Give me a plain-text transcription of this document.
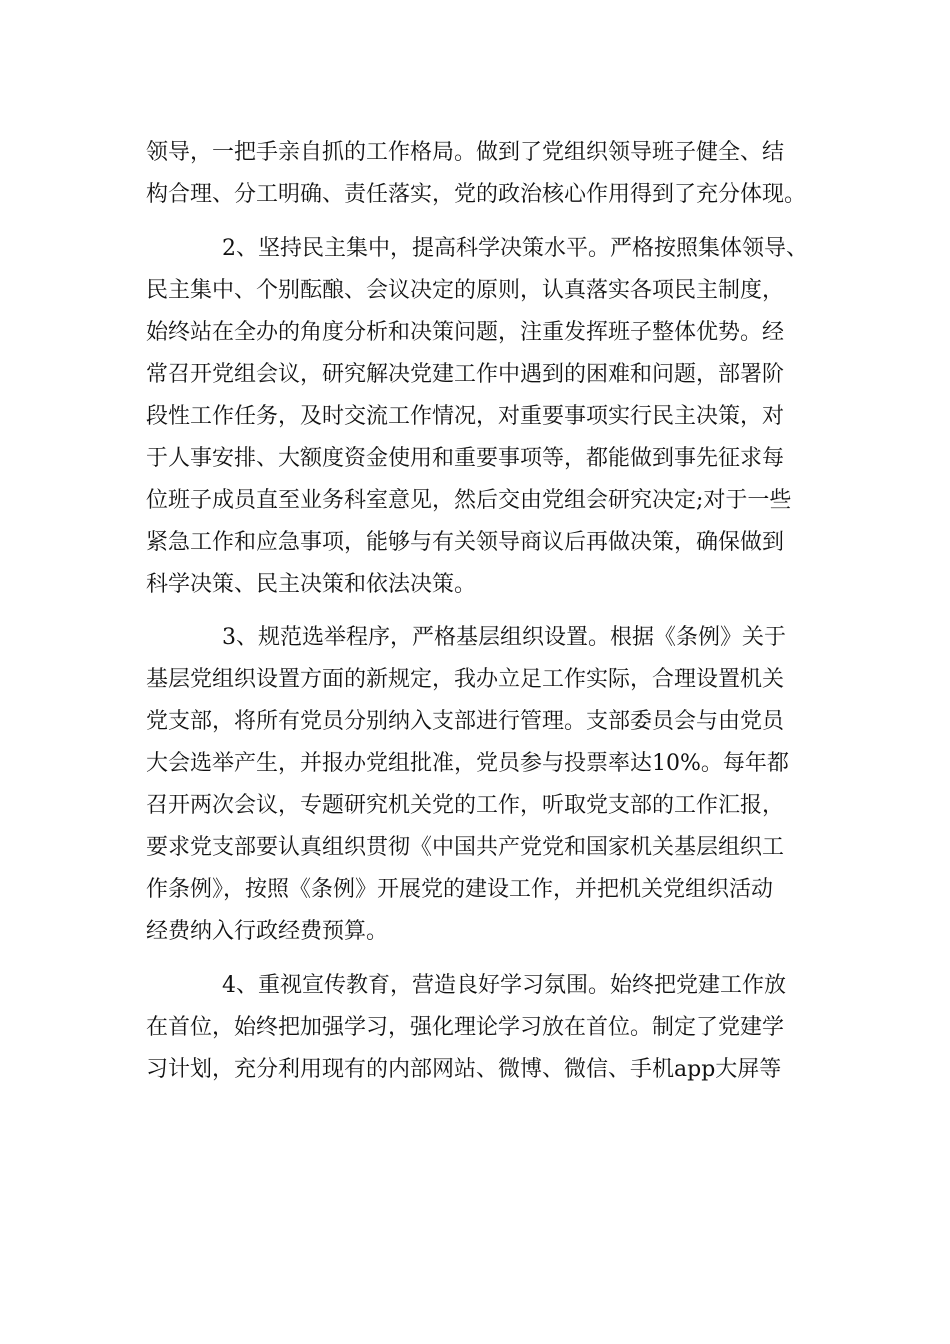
领导，一把手亲自抓的工作格局。做到了党组织领导班子健全、结
构合理、分工明确、责任落实，党的政治核心作用得到了充分体现。
2、坚持民主集中，提高科学决策水平。严格按照集体领导、
民主集中、个别酝酿、会议决定的原则，认真落实各项民主制度，
始终站在全办的角度分析和决策问题，注重发挥班子整体优势。经
常召开党组会议，研究解决党建工作中遇到的困难和问题，部署阶
段性工作任务，及时交流工作情况，对重要事项实行民主决策，对
于人事安排、大额度资金使用和重要事项等，都能做到事先征求每
位班子成员直至业务科室意见，然后交由党组会研究决定;对于一些
紧急工作和应急事项，能够与有关领导商议后再做决策，确保做到
科学决策、民主决策和依法决策。
3、规范选举程序，严格基层组织设置。根据《条例》关于
基层党组织设置方面的新规定，我办立足工作实际，合理设置机关
党支部，将所有党员分别纳入支部进行管理。支部委员会与由党员
大会选举产生，并报办党组批准，党员参与投票率达10%。每年都
召开两次会议，专题研究机关党的工作，听取党支部的工作汇报，
要求党支部要认真组织贯彻《中国共产党党和国家机关基层组织工
作条例》，按照《条例》开展党的建设工作，并把机关党组织活动
经费纳入行政经费预算。
4、重视宣传教育，营造良好学习氛围。始终把党建工作放
在首位，始终把加强学习，强化理论学习放在首位。制定了党建学
习计划，充分利用现有的内部网站、微博、微信、手机app大屏等
